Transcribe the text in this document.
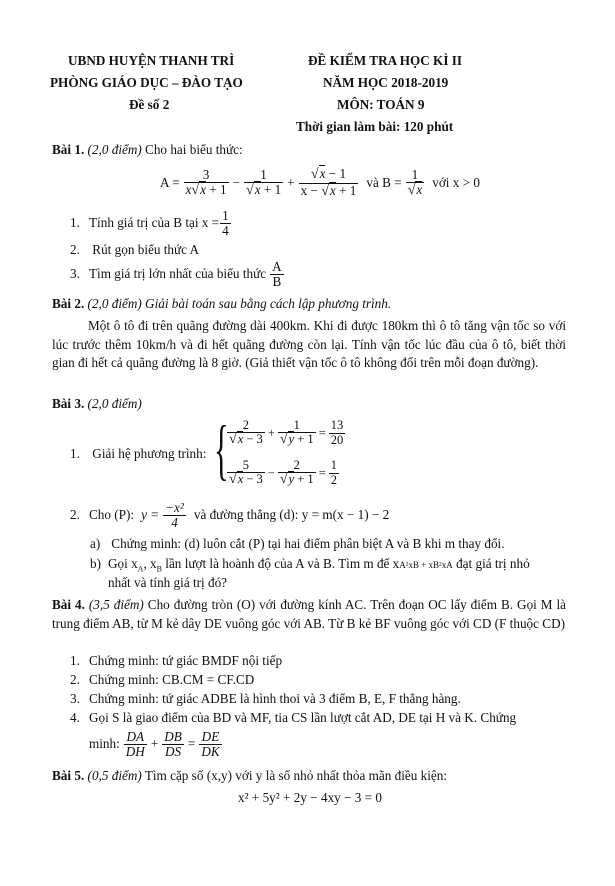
UBND HUYỆN THANH TRÌ
PHÒNG GIÁO DỤC – ĐÀO TẠO
Đề số 2
ĐỀ KIỂM TRA HỌC KÌ II
NĂM HỌC 2018-2019
MÔN: TOÁN 9
Thời gian làm bài: 120 phút
Bài 1. (2,0 điểm) Cho hai biểu thức:
$A = \frac{3}{x√x + 1} - \frac{1}{√x + 1} + \frac{√x - 1}{x - √x + 1}$ và $B = \frac{1}{√x}$ với x > 0
1. Tính giá trị của B tại $x = \frac{1}{4}$
2. Rút gọn biểu thức A
3. Tìm giá trị lớn nhất của biểu thức $\frac{A}{B}$
Bài 2. (2,0 điểm) Giải bài toán sau bằng cách lập phương trình.
Một ô tô đi trên quãng đường dài 400km. Khi đi được 180km thì ô tô tăng vận tốc so với lúc trước thêm 10km/h và đi hết quãng đường còn lại. Tính vận tốc lúc đầu của ô tô, biết thời gian đi hết cả quãng đường là 8 giờ. (Giả thiết vận tốc ô tô không đổi trên mỗi đoạn đường).
Bài 3. (2,0 điểm)
1. Giải hệ phương trình: {
$\frac{2}{√x - 3} + \frac{1}{√y + 1} = \frac{13}{20}$
$\frac{5}{√x - 3} - \frac{2}{√y + 1} = \frac{1}{2}$
2. Cho (P): $y = \frac{\text{−x²}}{4}$ và đường thẳng (d): y = m(x − 1) − 2
a) Chứng minh: (d) luôn cắt (P) tại hai điểm phân biệt A và B khi m thay đổi.
b) Gọi $x_A$, $x_B$ lần lượt là hoành độ của A và B. Tìm m để xA²xB + xB²xA đạt giá trị nhỏ
nhất và tính giá trị đó?
Bài 4. (3,5 điểm) Cho đường tròn (O) với đường kính AC. Trên đoạn OC lấy điểm B. Gọi M là trung điểm AB, từ M kẻ dây DE vuông góc với AB. Từ B kẻ BF vuông góc với CD (F thuộc CD)
1. Chứng minh: tứ giác BMDF nội tiếp
2. Chứng minh: CB.CM = CF.CD
3. Chứng minh: tứ giác ADBE là hình thoi và 3 điểm B, E, F thẳng hàng.
4. Gọi S là giao điểm của BD và MF, tia CS lần lượt cắt AD, DE tại H và K. Chứng
minh: $\frac{DA}{DH} + \frac{DB}{DS} = \frac{DE}{DK}$
Bài 5. (0,5 điểm) Tìm cặp số (x,y) với y là số nhỏ nhất thỏa mãn điều kiện:
x² + 5y² + 2y − 4xy − 3 = 0
